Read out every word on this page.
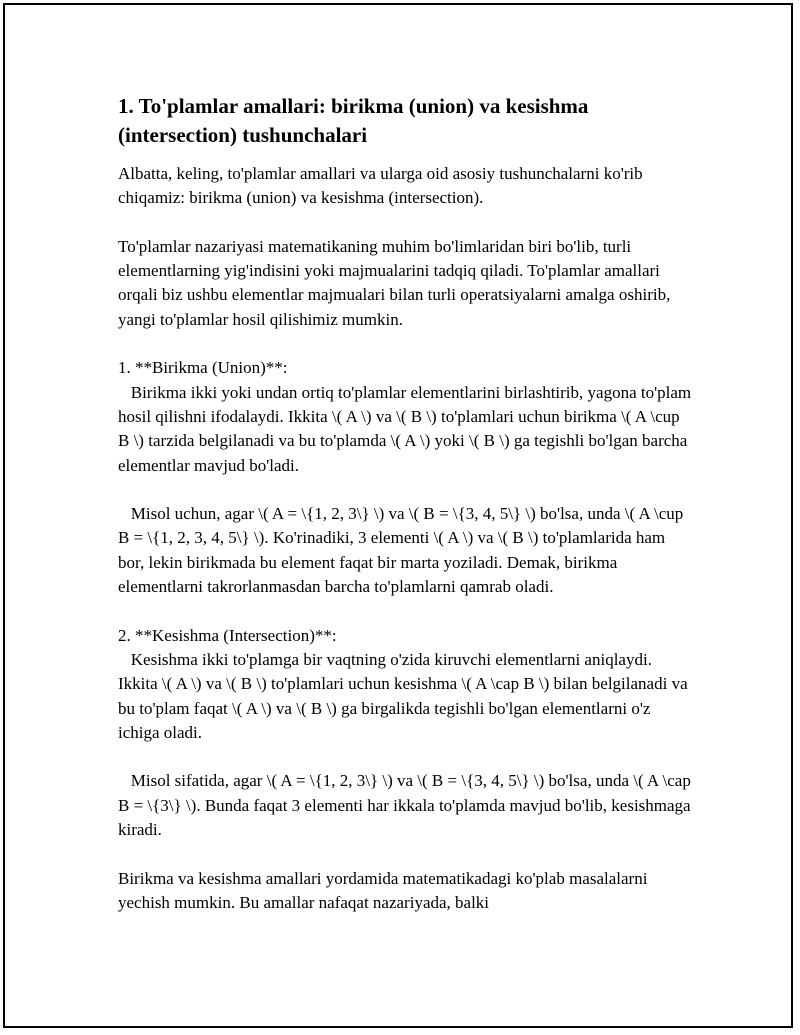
1. To'plamlar amallari: birikma (union) va kesishma (intersection) tushunchalari

Albatta, keling, to'plamlar amallari va ularga oid asosiy tushunchalarni ko'rib chiqamiz: birikma (union) va kesishma (intersection).

To'plamlar nazariyasi matematikaning muhim bo'limlaridan biri bo'lib, turli elementlarning yig'indisini yoki majmualarini tadqiq qiladi. To'plamlar amallari orqali biz ushbu elementlar majmualari bilan turli operatsiyalarni amalga oshirib, yangi to'plamlar hosil qilishimiz mumkin.

1. **Birikma (Union)**:
Birikma ikki yoki undan ortiq to'plamlar elementlarini birlashtirib, yagona to'plam hosil qilishni ifodalaydi. Ikkita \( A \) va \( B \) to'plamlari uchun birikma \( A \cup B \) tarzida belgilanadi va bu to'plamda \( A \) yoki \( B \) ga tegishli bo'lgan barcha elementlar mavjud bo'ladi.

Misol uchun, agar \( A = \{1, 2, 3\} \) va \( B = \{3, 4, 5\} \) bo'lsa, unda \( A \cup B = \{1, 2, 3, 4, 5\} \). Ko'rinadiki, 3 elementi \( A \) va \( B \) to'plamlarida ham bor, lekin birikmada bu element faqat bir marta yoziladi. Demak, birikma elementlarni takrorlanmasdan barcha to'plamlarni qamrab oladi.

2. **Kesishma (Intersection)**:
Kesishma ikki to'plamga bir vaqtning o'zida kiruvchi elementlarni aniqlaydi. Ikkita \( A \) va \( B \) to'plamlari uchun kesishma \( A \cap B \) bilan belgilanadi va bu to'plam faqat \( A \) va \( B \) ga birgalikda tegishli bo'lgan elementlarni o'z ichiga oladi.

Misol sifatida, agar \( A = \{1, 2, 3\} \) va \( B = \{3, 4, 5\} \) bo'lsa, unda \( A \cap B = \{3\} \). Bunda faqat 3 elementi har ikkala to'plamda mavjud bo'lib, kesishmaga kiradi.

Birikma va kesishma amallari yordamida matematikadagi ko'plab masalalarni yechish mumkin. Bu amallar nafaqat nazariyada, balki
